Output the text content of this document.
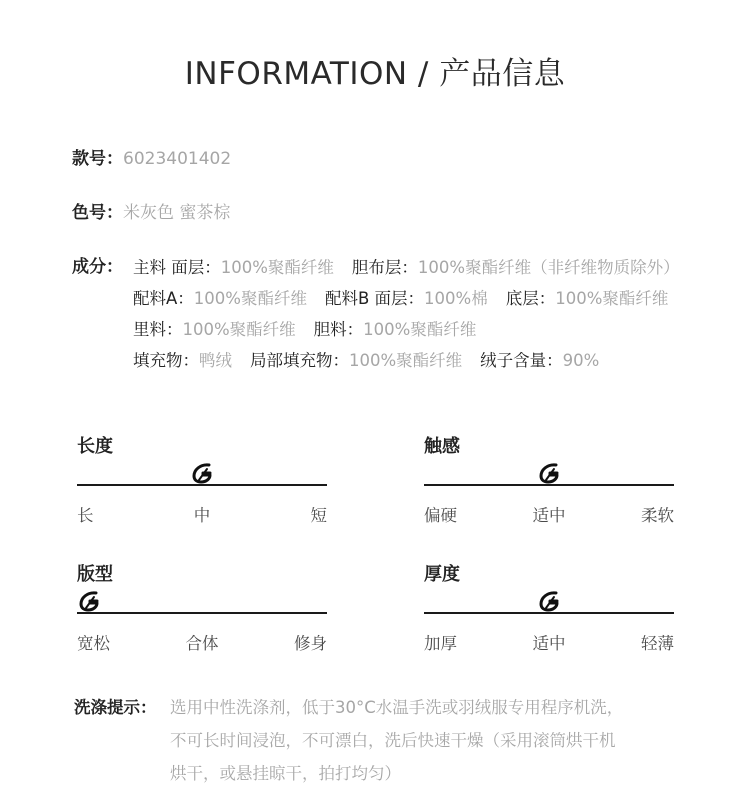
INFORMATION / 产品信息
款号：6023401402
色号：米灰色 蜜茶棕
成分： 主料 面层：100%聚酯纤维 胆布层：100%聚酯纤维（非纤维物质除外）
配料A：100%聚酯纤维 配料B 面层：100%棉 底层：100%聚酯纤维
里料：100%聚酯纤维 胆料：100%聚酯纤维
填充物：鸭绒 局部填充物：100%聚酯纤维 绒子含量：90%
长度
长	中	短
触感
偏硬	适中	柔软
版型
宽松	合体	修身
厚度
加厚	适中	轻薄
洗涤提示： 选用中性洗涤剂，低于30°C水温手洗或羽绒服专用程序机洗，
不可长时间浸泡，不可漂白，洗后快速干燥（采用滚筒烘干机
烘干，或悬挂晾干，拍打均匀）
